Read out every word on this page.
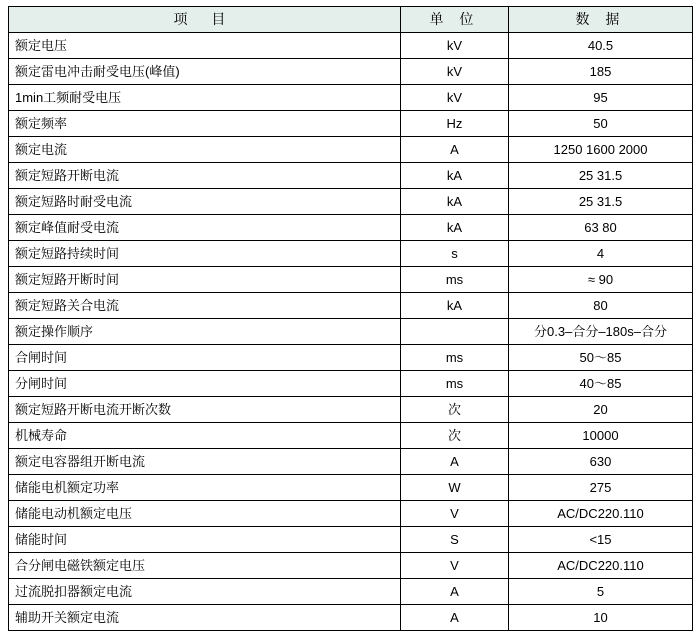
项 目	单 位	数 据
额定电压	kV	40.5
额定雷电冲击耐受电压(峰值)	kV	185
1min工频耐受电压	kV	95
额定频率	Hz	50
额定电流	A	1250 1600 2000
额定短路开断电流	kA	25 31.5
额定短路时耐受电流	kA	25 31.5
额定峰值耐受电流	kA	63 80
额定短路持续时间	s	4
额定短路开断时间	ms	≈ 90
额定短路关合电流	kA	80
额定操作顺序		分0.3–合分–180s–合分
合闸时间	ms	50～85
分闸时间	ms	40～85
额定短路开断电流开断次数	次	20
机械寿命	次	10000
额定电容器组开断电流	A	630
储能电机额定功率	W	275
储能电动机额定电压	V	AC/DC220.110
储能时间	S	<15
合分闸电磁铁额定电压	V	AC/DC220.110
过流脱扣器额定电流	A	5
辅助开关额定电流	A	10
